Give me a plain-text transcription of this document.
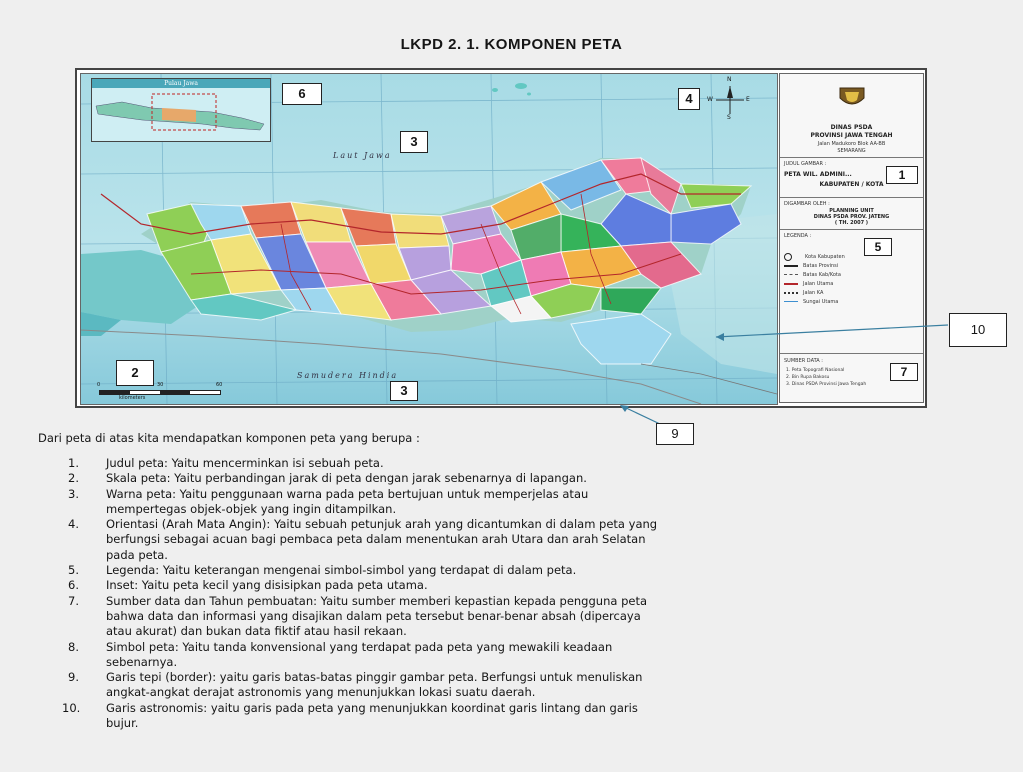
LKPD 2. 1. KOMPONEN PETA
Pulau Jawa
Laut Jawa
Samudera Hindia
N
E
S
W
0	30	60
kilometers
6	4
3
2
3
DINAS PSDA
PROVINSI JAWA TENGAH
Jalan Madukoro Blok AA-BB
SEMARANG
JUDUL GAMBAR :
PETA WIL. ADMINI...
KABUPATEN / KOTA
1
DIGAMBAR OLEH :
PLANNING UNIT
DINAS PSDA PROV. JATENG
( TH. 2007 )
LEGENDA :
5
Kota Kabupaten
Batas Provinsi
Batas Kab/Kota
Jalan Utama
Jalan KA
Sungai Utama
SUMBER DATA :
1. Peta Topografi Nasional
2. Bin Rupa Bakosu
3. Dinas PSDA Provinsi Jawa Tengah
7
10
9
Dari peta di atas kita mendapatkan komponen peta yang berupa :
1.	Judul peta: Yaitu mencerminkan isi sebuah peta.
2.	Skala peta: Yaitu perbandingan jarak di peta dengan jarak sebenarnya di lapangan.
3.	Warna peta: Yaitu penggunaan warna pada peta bertujuan untuk memperjelas atau
mempertegas objek-objek yang ingin ditampilkan.
4.	Orientasi (Arah Mata Angin): Yaitu sebuah petunjuk arah yang dicantumkan di dalam peta yang
berfungsi sebagai acuan bagi pembaca peta dalam menentukan arah Utara dan arah Selatan
pada peta.
5.	Legenda: Yaitu keterangan mengenai simbol-simbol yang terdapat di dalam peta.
6.	Inset: Yaitu peta kecil yang disisipkan pada peta utama.
7.	Sumber data dan Tahun pembuatan: Yaitu sumber memberi kepastian kepada pengguna peta
bahwa data dan informasi yang disajikan dalam peta tersebut benar-benar absah (dipercaya
atau akurat) dan bukan data fiktif atau hasil rekaan.
8.	Simbol peta: Yaitu tanda konvensional yang terdapat pada peta yang mewakili keadaan
sebenarnya.
9.	Garis tepi (border): yaitu garis batas-batas pinggir gambar peta. Berfungsi untuk menuliskan
angkat-angkat derajat astronomis yang menunjukkan lokasi suatu daerah.
10.	Garis astronomis: yaitu garis pada peta yang menunjukkan koordinat garis lintang dan garis
bujur.
